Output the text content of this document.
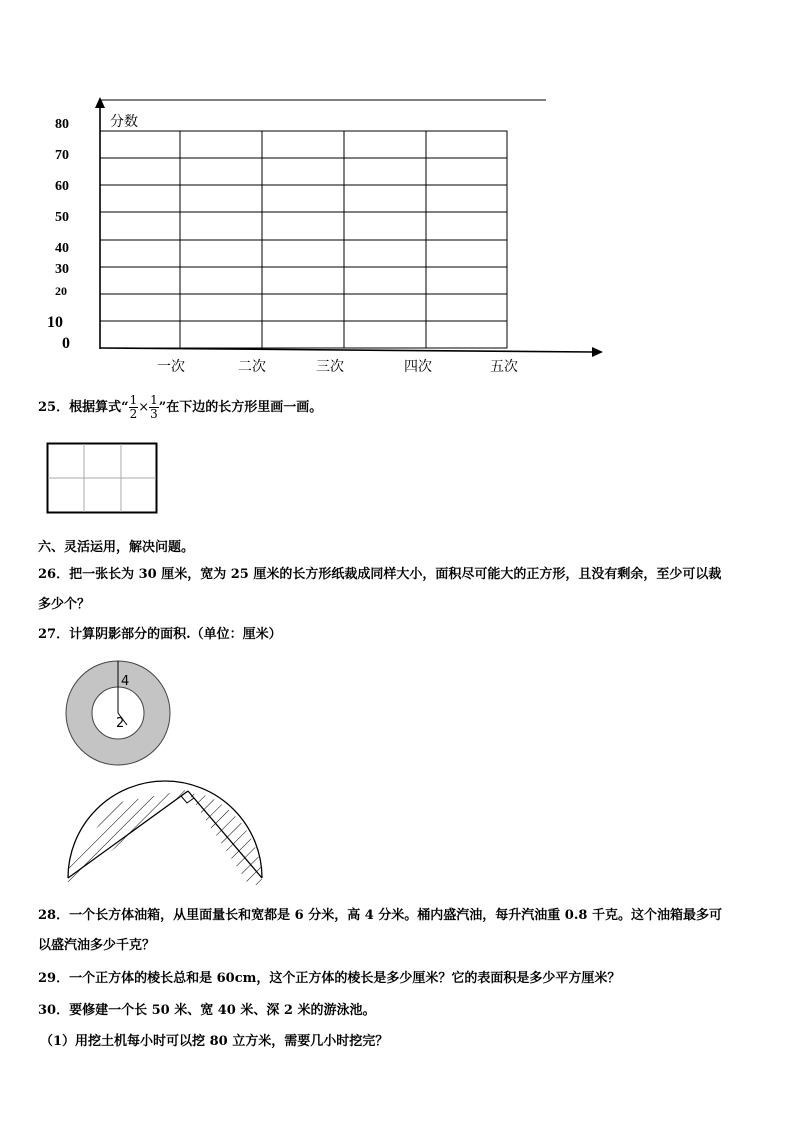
分数
80
70
60
50
40
30
20
10
0
一次	二次	三次	四次	五次
25．根据算式“ $\frac{1}{2} \times \frac{1}{3}$ ”在下边的长方形里画一画。
六、灵活运用，解决问题。
26．把一张长为 30 厘米，宽为 25 厘米的长方形纸裁成同样大小，面积尽可能大的正方形，且没有剩余，至少可以裁
多少个？
27．计算阴影部分的面积.（单位：厘米）
4
2
28．一个长方体油箱，从里面量长和宽都是 6 分米，高 4 分米。桶内盛汽油，每升汽油重 0.8 千克。这个油箱最多可
以盛汽油多少千克？
29．一个正方体的棱长总和是 60cm，这个正方体的棱长是多少厘米？它的表面积是多少平方厘米？
30．要修建一个长 50 米、宽 40 米、深 2 米的游泳池。
（1）用挖土机每小时可以挖 80 立方米，需要几小时挖完？
